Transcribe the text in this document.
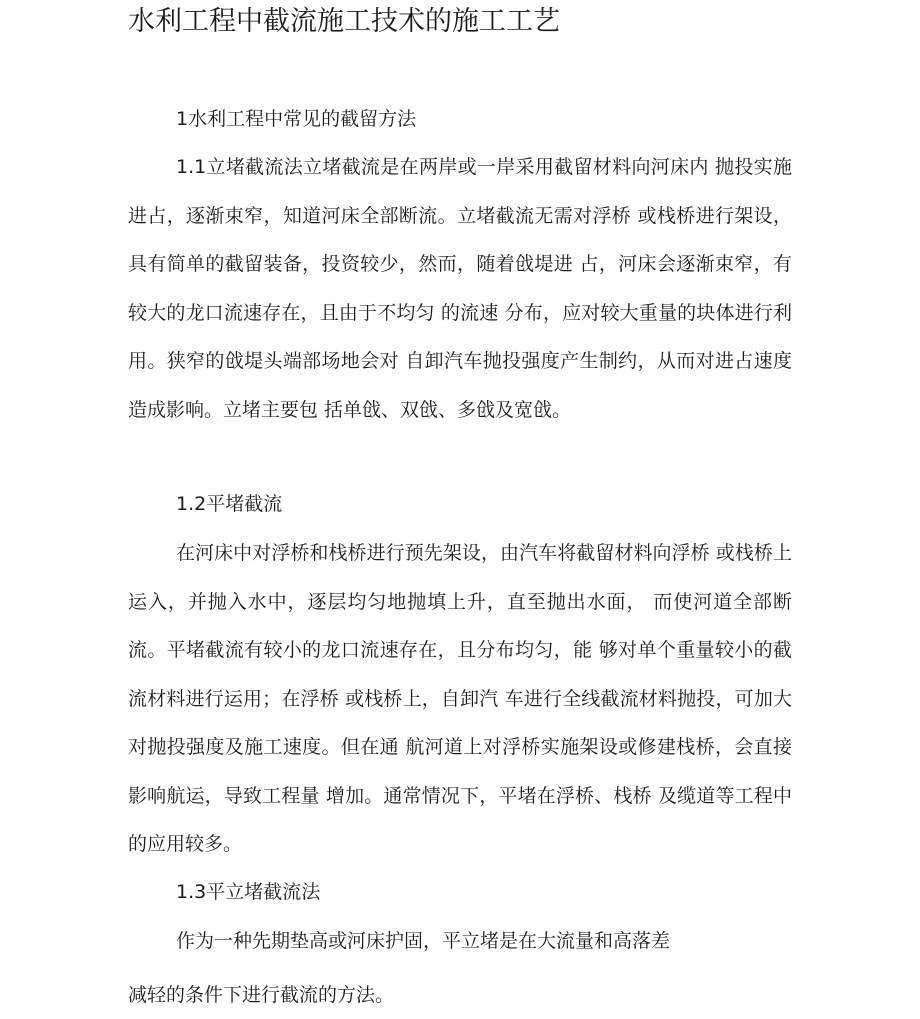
水利工程中截流施工技术的施工工艺

1水利工程中常见的截留方法

1.1立堵截流法立堵截流是在两岸或一岸采用截留材料向河床内 抛投实施进占，逐渐束窄，知道河床全部断流。立堵截流无需对浮桥 或栈桥进行架设，具有简单的截留装备，投资较少，然而，随着戗堤进 占，河床会逐渐束窄，有较大的龙口流速存在，且由于不均匀 的流速 分布，应对较大重量的块体进行利用。狭窄的戗堤头端部场地会对 自卸汽车抛投强度产生制约，从而对进占速度造成影响。立堵主要包 括单戗、双戗、多戗及宽戗。

1.2平堵截流

在河床中对浮桥和栈桥进行预先架设，由汽车将截留材料向浮桥 或栈桥上运入，并抛入水中，逐层均匀地抛填上升，直至抛出水面， 而使河道全部断流。平堵截流有较小的龙口流速存在，且分布均匀，能 够对单个重量较小的截流材料进行运用；在浮桥 或栈桥上，自卸汽 车进行全线截流材料抛投，可加大对抛投强度及施工速度。但在通 航河道上对浮桥实施架设或修建栈桥，会直接影响航运，导致工程量 增加。通常情况下，平堵在浮桥、栈桥 及缆道等工程中的应用较多。

1.3平立堵截流法

作为一种先期垫高或河床护固，平立堵是在大流量和高落差

减轻的条件下进行截流的方法。
